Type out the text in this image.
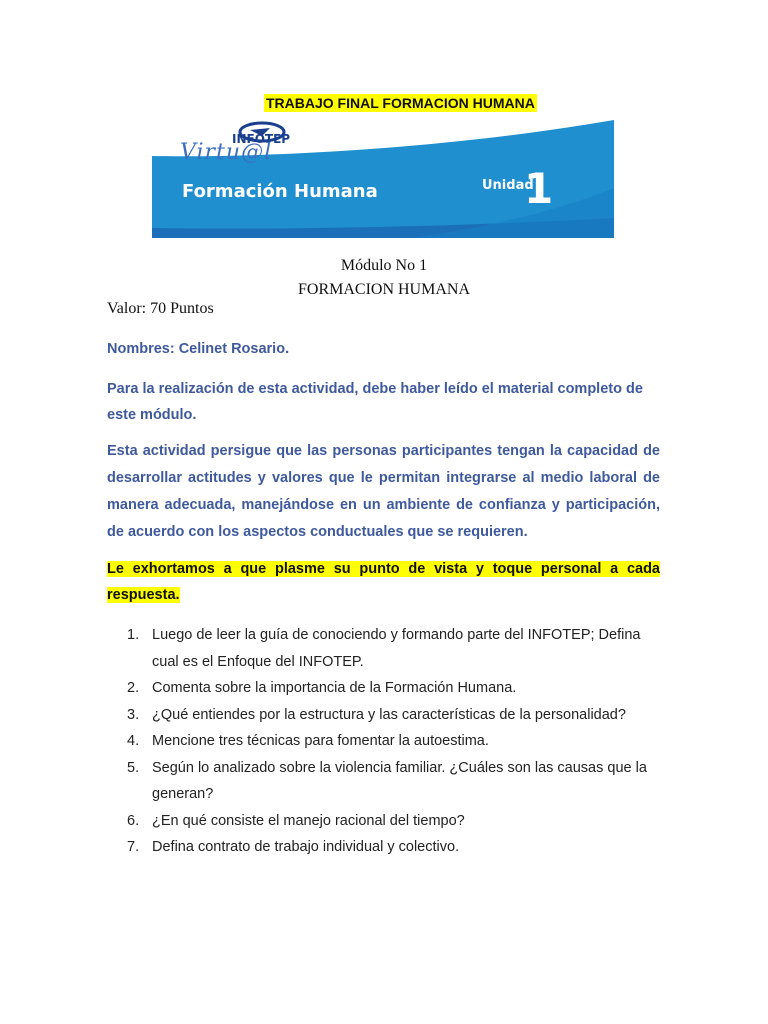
TRABAJO FINAL FORMACION HUMANA
INFOTEP
Virtu@l
Formación Humana	Unidad
1
Módulo No 1
FORMACION HUMANA
Valor: 70 Puntos
Nombres: Celinet Rosario.
Para la realización de esta actividad, debe haber leído el material completo de este módulo.
Esta actividad persigue que las personas participantes tengan la capacidad de desarrollar actitudes y valores que le permitan integrarse al medio laboral de manera adecuada, manejándose en un ambiente de confianza y participación, de acuerdo con los aspectos conductuales que se requieren.
Le exhortamos a que plasme su punto de vista y toque personal a cada respuesta.
1. Luego de leer la guía de conociendo y formando parte del INFOTEP; Defina cual es el Enfoque del INFOTEP.
2. Comenta sobre la importancia de la Formación Humana.
3. ¿Qué entiendes por la estructura y las características de la personalidad?
4. Mencione tres técnicas para fomentar la autoestima.
5. Según lo analizado sobre la violencia familiar. ¿Cuáles son las causas que la generan?
6. ¿En qué consiste el manejo racional del tiempo?
7. Defina contrato de trabajo individual y colectivo.
